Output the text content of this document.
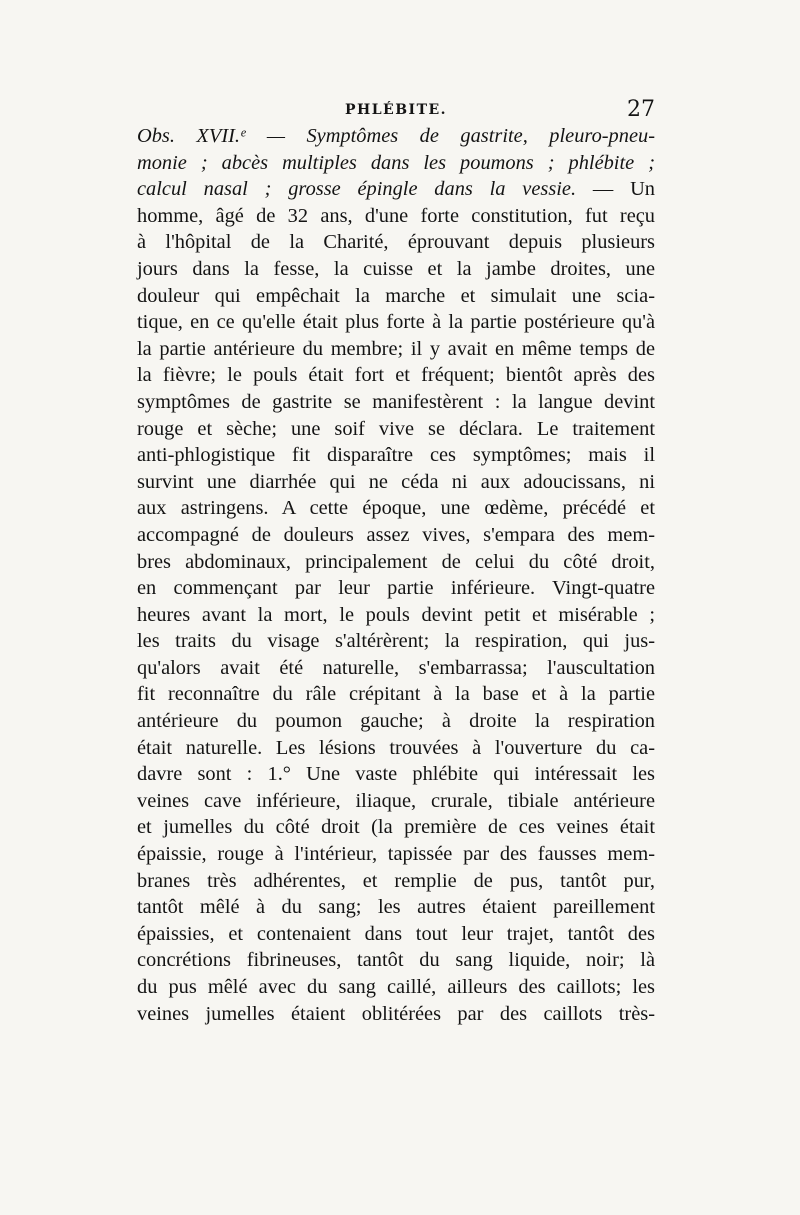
PHLÉBITE.	27
Obs. XVII.ᵉ — Symptômes de gastrite, pleuro-pneu-
monie ; abcès multiples dans les poumons ; phlébite ;
calcul nasal ; grosse épingle dans la vessie. — Un
homme, âgé de 32 ans, d'une forte constitution, fut reçu
à l'hôpital de la Charité, éprouvant depuis plusieurs
jours dans la fesse, la cuisse et la jambe droites, une
douleur qui empêchait la marche et simulait une scia-
tique, en ce qu'elle était plus forte à la partie postérieure qu'à
la partie antérieure du membre; il y avait en même temps de
la fièvre; le pouls était fort et fréquent; bientôt après des
symptômes de gastrite se manifestèrent : la langue devint
rouge et sèche; une soif vive se déclara. Le traitement
anti-phlogistique fit disparaître ces symptômes; mais il
survint une diarrhée qui ne céda ni aux adoucissans, ni
aux astringens. A cette époque, une œdème, précédé et
accompagné de douleurs assez vives, s'empara des mem-
bres abdominaux, principalement de celui du côté droit,
en commençant par leur partie inférieure. Vingt-quatre
heures avant la mort, le pouls devint petit et misérable ;
les traits du visage s'altérèrent; la respiration, qui jus-
qu'alors avait été naturelle, s'embarrassa; l'auscultation
fit reconnaître du râle crépitant à la base et à la partie
antérieure du poumon gauche; à droite la respiration
était naturelle. Les lésions trouvées à l'ouverture du ca-
davre sont : 1.° Une vaste phlébite qui intéressait les
veines cave inférieure, iliaque, crurale, tibiale antérieure
et jumelles du côté droit (la première de ces veines était
épaissie, rouge à l'intérieur, tapissée par des fausses mem-
branes très adhérentes, et remplie de pus, tantôt pur,
tantôt mêlé à du sang; les autres étaient pareillement
épaissies, et contenaient dans tout leur trajet, tantôt des
concrétions fibrineuses, tantôt du sang liquide, noir; là
du pus mêlé avec du sang caillé, ailleurs des caillots; les
veines jumelles étaient oblitérées par des caillots très-
